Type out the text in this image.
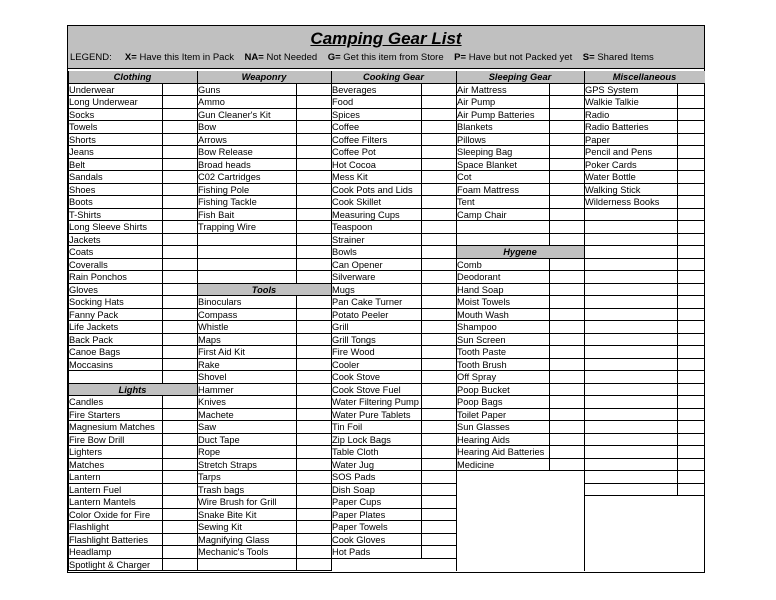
Camping Gear List
LEGEND: X= Have this Item in Pack NA= Not Needed G= Get this item from Store P= Have but not Packed yet S= Shared Items
Clothing
Underwear
Long Underwear
Socks
Towels
Shorts
Jeans
Belt
Sandals
Shoes
Boots
T-Shirts
Long Sleeve Shirts
Jackets
Coats
Coveralls
Rain Ponchos
Gloves
Socking Hats
Fanny Pack
Life Jackets
Back Pack
Canoe Bags
Moccasins
Lights
Candles
Fire Starters
Magnesium Matches
Fire Bow Drill
Lighters
Matches
Lantern
Lantern Fuel
Lantern Mantels
Color Oxide for Fire
Flashlight
Flashlight Batteries
Headlamp
Spotlight & Charger
Weaponry
Guns
Ammo
Gun Cleaner's Kit
Bow
Arrows
Bow Release
Broad heads
C02 Cartridges
Fishing Pole
Fishing Tackle
Fish Bait
Trapping Wire
Tools
Binoculars
Compass
Whistle
Maps
First Aid Kit
Rake
Shovel
Hammer
Knives
Machete
Saw
Duct Tape
Rope
Stretch Straps
Tarps
Trash bags
Wire Brush for Grill
Snake Bite Kit
Sewing Kit
Magnifying Glass
Mechanic's Tools
Cooking Gear
Beverages
Food
Spices
Coffee
Coffee Filters
Coffee Pot
Hot Cocoa
Mess Kit
Cook Pots and Lids
Cook Skillet
Measuring Cups
Teaspoon
Strainer
Bowls
Can Opener
Silverware
Mugs
Pan Cake Turner
Potato Peeler
Grill
Grill Tongs
Fire Wood
Cooler
Cook Stove
Cook Stove Fuel
Water Filtering Pump
Water Pure Tablets
Tin Foil
Zip Lock Bags
Table Cloth
Water Jug
SOS Pads
Dish Soap
Paper Cups
Paper Plates
Paper Towels
Cook Gloves
Hot Pads
Sleeping Gear
Air Mattress
Air Pump
Air Pump Batteries
Blankets
Pillows
Sleeping Bag
Space Blanket
Cot
Foam Mattress
Tent
Camp Chair
Hygene
Comb
Deodorant
Hand Soap
Moist Towels
Mouth Wash
Shampoo
Sun Screen
Tooth Paste
Tooth Brush
Off Spray
Poop Bucket
Poop Bags
Toilet Paper
Sun Glasses
Hearing Aids
Hearing Aid Batteries
Medicine
Miscellaneous
GPS System
Walkie Talkie
Radio
Radio Batteries
Paper
Pencil and Pens
Poker Cards
Water Bottle
Walking Stick
Wilderness Books
